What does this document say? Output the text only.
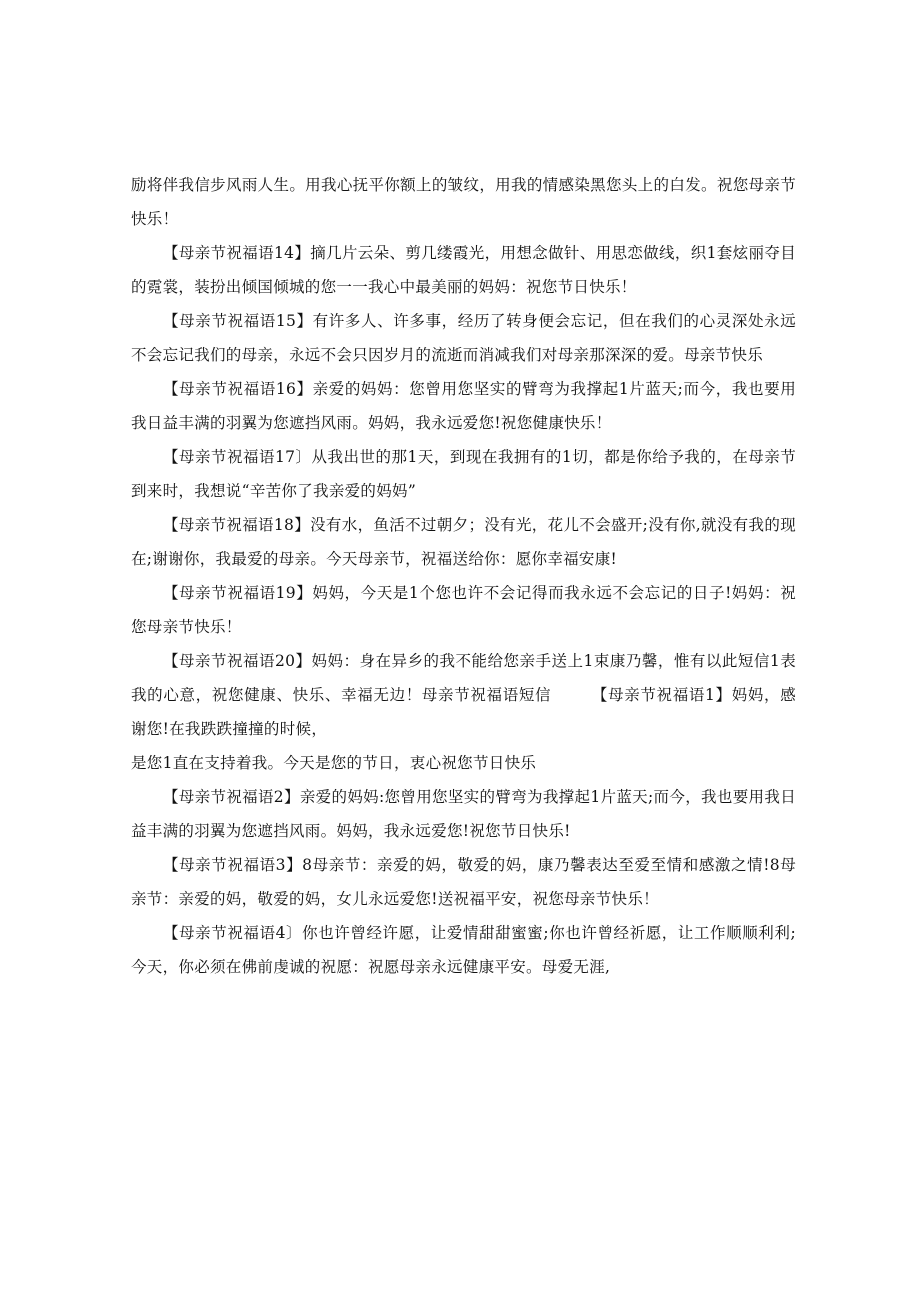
励将伴我信步风雨人生。用我心抚平你额上的皱纹，用我的情感染黑您头上的白发。祝您母亲节快乐！

【母亲节祝福语14】摘几片云朵、剪几缕霞光，用想念做针、用思恋做线，织1套炫丽夺目的霓裳，装扮出倾国倾城的您一一我心中最美丽的妈妈：祝您节日快乐！

【母亲节祝福语15】有许多人、许多事，经历了转身便会忘记，但在我们的心灵深处永远不会忘记我们的母亲，永远不会只因岁月的流逝而消减我们对母亲那深深的爱。母亲节快乐

【母亲节祝福语16】亲爱的妈妈：您曾用您坚实的臂弯为我撑起1片蓝天;而今，我也要用我日益丰满的羽翼为您遮挡风雨。妈妈，我永远爱您!祝您健康快乐！

【母亲节祝福语17〕从我出世的那1天，到现在我拥有的1切，都是你给予我的，在母亲节到来时，我想说“辛苦你了我亲爱的妈妈”

【母亲节祝福语18】没有水，鱼活不过朝夕；没有光，花儿不会盛开;没有你,就没有我的现在;谢谢你，我最爱的母亲。今天母亲节，祝福送给你：愿你幸福安康!

【母亲节祝福语19】妈妈，今天是1个您也许不会记得而我永远不会忘记的日子!妈妈：祝您母亲节快乐！

【母亲节祝福语20】妈妈：身在异乡的我不能给您亲手送上1束康乃馨，惟有以此短信1表我的心意，祝您健康、快乐、幸福无边！母亲节祝福语短信　　　【母亲节祝福语1】妈妈，感谢您!在我跌跌撞撞的时候，

是您1直在支持着我。今天是您的节日，衷心祝您节日快乐

【母亲节祝福语2】亲爱的妈妈:您曾用您坚实的臂弯为我撑起1片蓝天;而今，我也要用我日益丰满的羽翼为您遮挡风雨。妈妈，我永远爱您!祝您节日快乐!

【母亲节祝福语3】8母亲节：亲爱的妈，敬爱的妈，康乃馨表达至爱至情和感激之情!8母亲节：亲爱的妈，敬爱的妈，女儿永远爱您!送祝福平安，祝您母亲节快乐！

【母亲节祝福语4〕你也许曾经许愿，让爱情甜甜蜜蜜;你也许曾经祈愿，让工作顺顺利利;今天，你必须在佛前虔诚的祝愿：祝愿母亲永远健康平安。母爱无涯,
